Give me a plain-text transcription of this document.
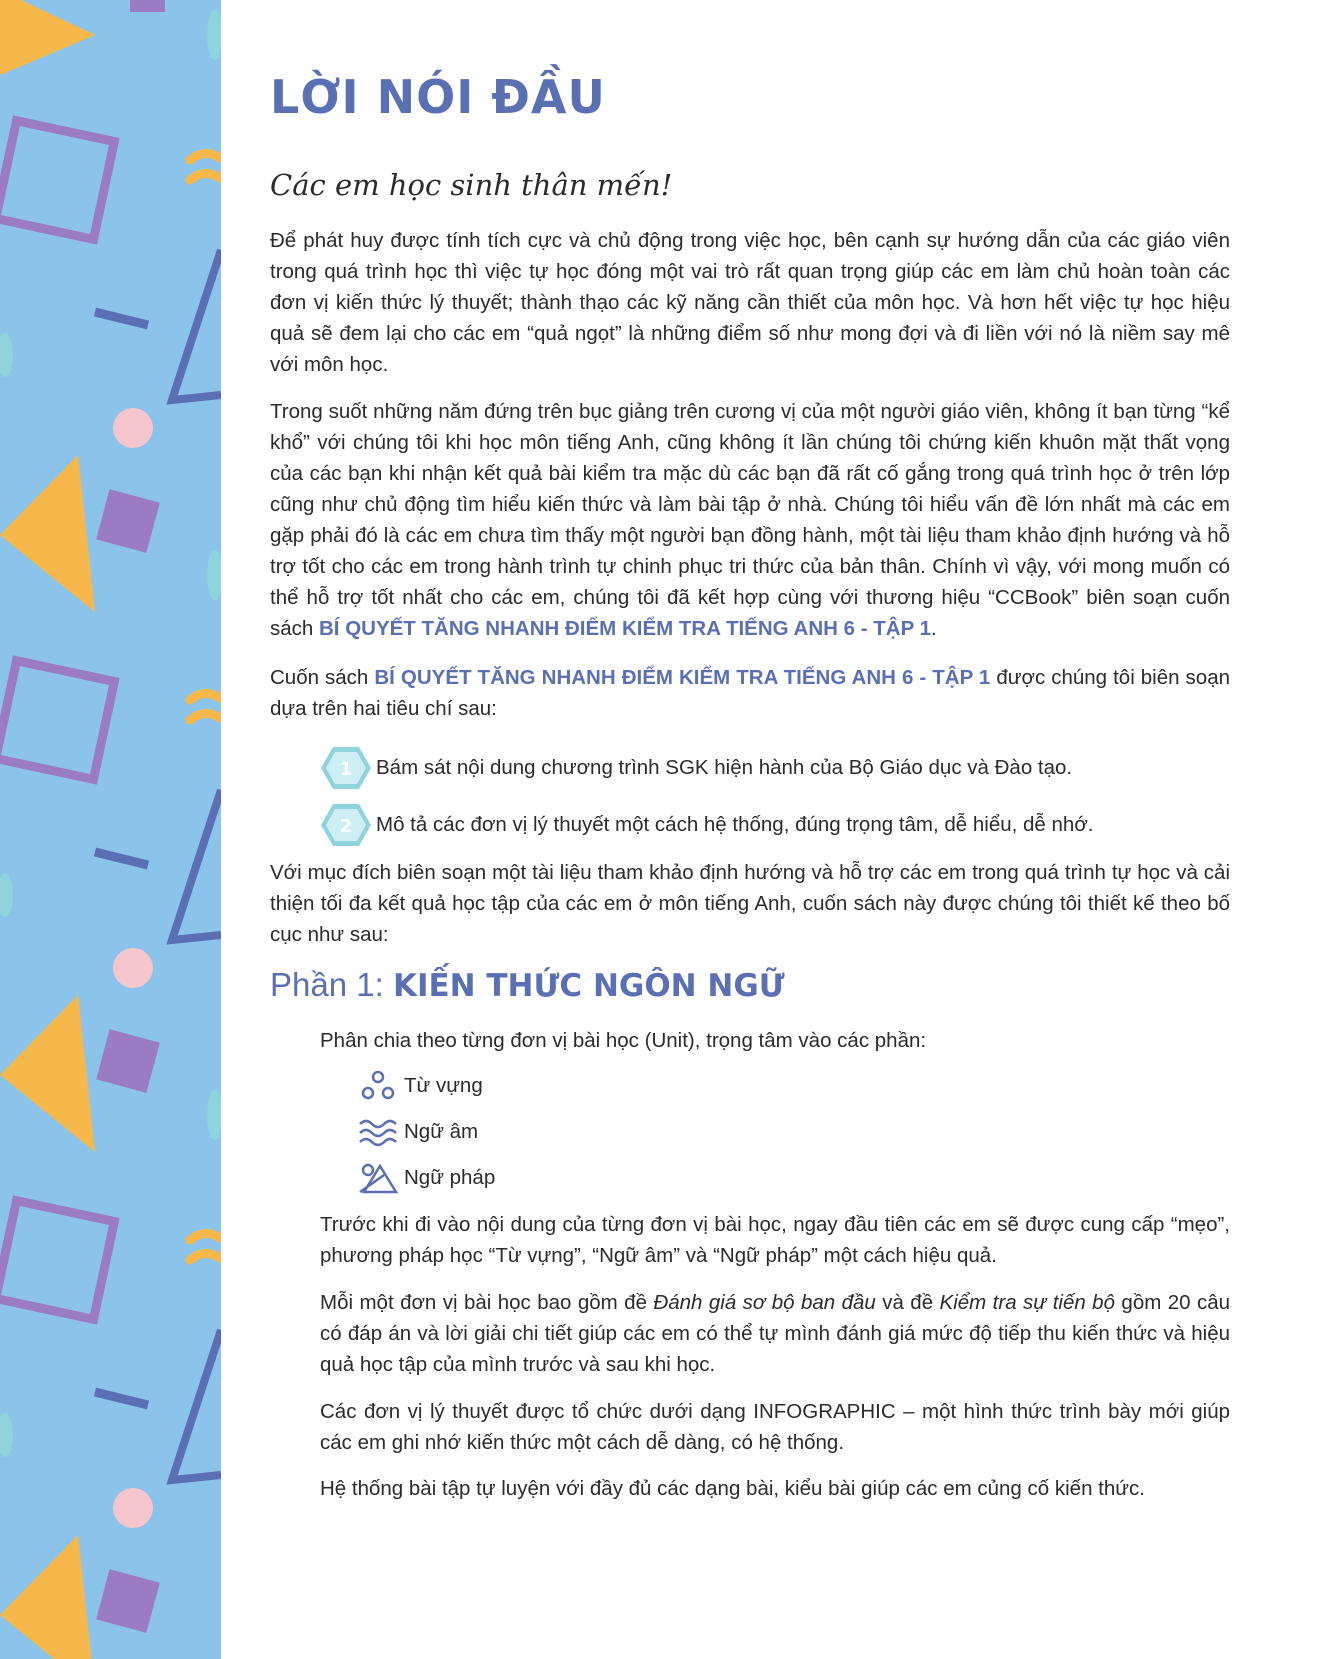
LỜI NÓI ĐẦU

Các em học sinh thân mến!

Để phát huy được tính tích cực và chủ động trong việc học, bên cạnh sự hướng dẫn của các giáo viên trong quá trình học thì việc tự học đóng một vai trò rất quan trọng giúp các em làm chủ hoàn toàn các đơn vị kiến thức lý thuyết; thành thạo các kỹ năng cần thiết của môn học. Và hơn hết việc tự học hiệu quả sẽ đem lại cho các em “quả ngọt” là những điểm số như mong đợi và đi liền với nó là niềm say mê với môn học.

Trong suốt những năm đứng trên bục giảng trên cương vị của một người giáo viên, không ít bạn từng “kể khổ” với chúng tôi khi học môn tiếng Anh, cũng không ít lần chúng tôi chứng kiến khuôn mặt thất vọng của các bạn khi nhận kết quả bài kiểm tra mặc dù các bạn đã rất cố gắng trong quá trình học ở trên lớp cũng như chủ động tìm hiểu kiến thức và làm bài tập ở nhà. Chúng tôi hiểu vấn đề lớn nhất mà các em gặp phải đó là các em chưa tìm thấy một người bạn đồng hành, một tài liệu tham khảo định hướng và hỗ trợ tốt cho các em trong hành trình tự chinh phục tri thức của bản thân. Chính vì vậy, với mong muốn có thể hỗ trợ tốt nhất cho các em, chúng tôi đã kết hợp cùng với thương hiệu “CCBook” biên soạn cuốn sách BÍ QUYẾT TĂNG NHANH ĐIỂM KIỂM TRA TIẾNG ANH 6 - TẬP 1.

Cuốn sách BÍ QUYẾT TĂNG NHANH ĐIỂM KIỂM TRA TIẾNG ANH 6 - TẬP 1 được chúng tôi biên soạn dựa trên hai tiêu chí sau:

1 Bám sát nội dung chương trình SGK hiện hành của Bộ Giáo dục và Đào tạo.
2 Mô tả các đơn vị lý thuyết một cách hệ thống, đúng trọng tâm, dễ hiểu, dễ nhớ.

Với mục đích biên soạn một tài liệu tham khảo định hướng và hỗ trợ các em trong quá trình tự học và cải thiện tối đa kết quả học tập của các em ở môn tiếng Anh, cuốn sách này được chúng tôi thiết kế theo bố cục như sau:

Phần 1: KIẾN THỨC NGÔN NGỮ

Phân chia theo từng đơn vị bài học (Unit), trọng tâm vào các phần:

Từ vựng
Ngữ âm
Ngữ pháp

Trước khi đi vào nội dung của từng đơn vị bài học, ngay đầu tiên các em sẽ được cung cấp “mẹo”, phương pháp học “Từ vựng”, “Ngữ âm” và “Ngữ pháp” một cách hiệu quả.

Mỗi một đơn vị bài học bao gồm đề Đánh giá sơ bộ ban đầu và đề Kiểm tra sự tiến bộ gồm 20 câu có đáp án và lời giải chi tiết giúp các em có thể tự mình đánh giá mức độ tiếp thu kiến thức và hiệu quả học tập của mình trước và sau khi học.

Các đơn vị lý thuyết được tổ chức dưới dạng INFOGRAPHIC – một hình thức trình bày mới giúp các em ghi nhớ kiến thức một cách dễ dàng, có hệ thống.

Hệ thống bài tập tự luyện với đầy đủ các dạng bài, kiểu bài giúp các em củng cố kiến thức.
